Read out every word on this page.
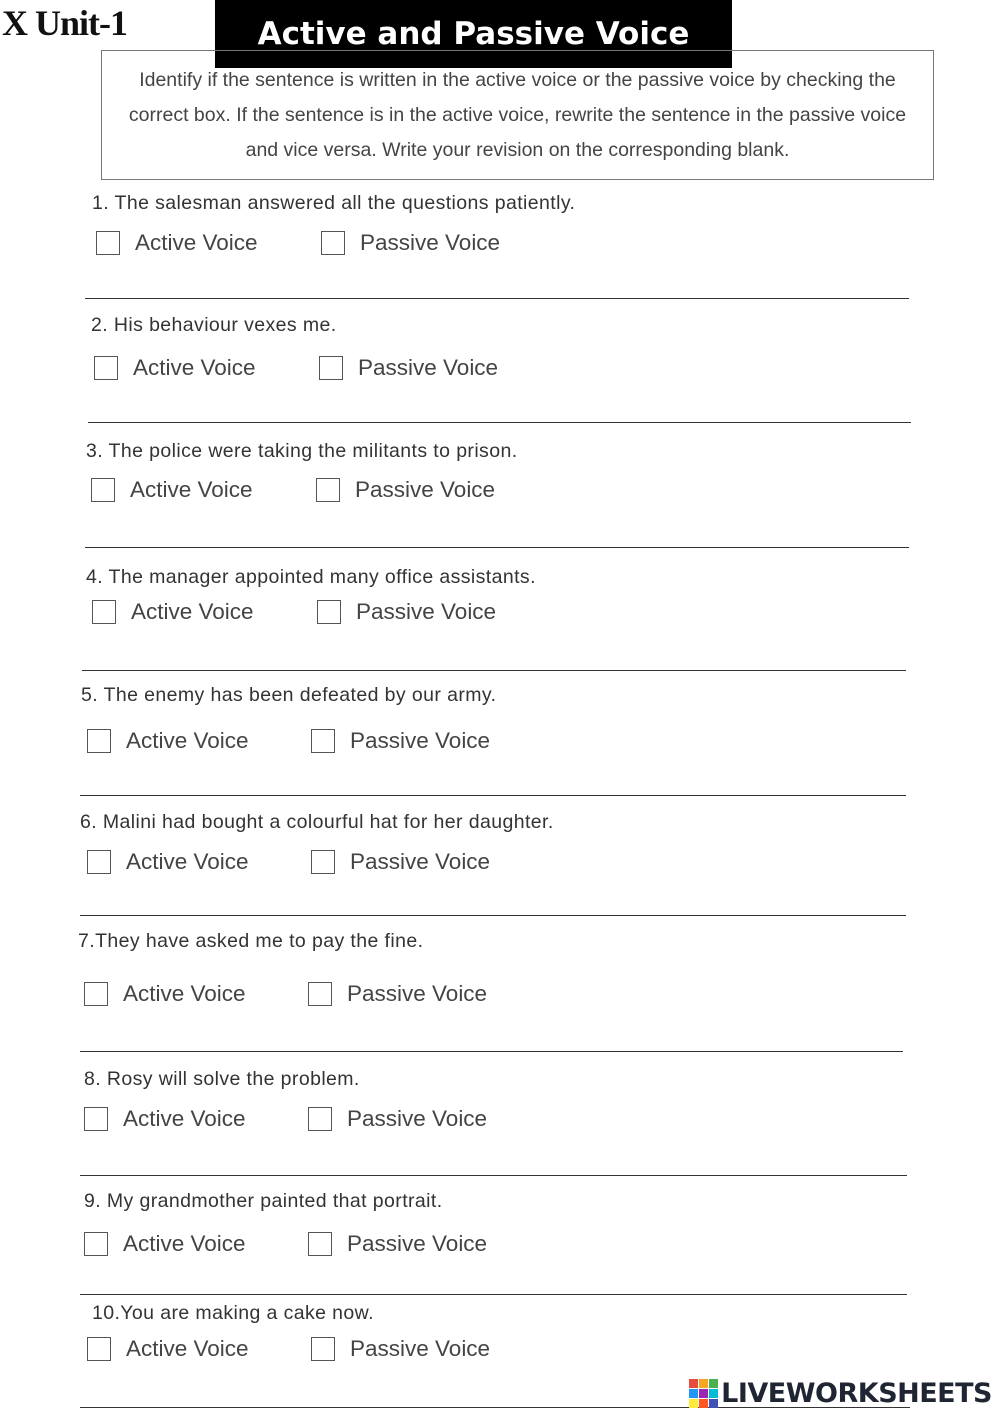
X Unit-1	Active and Passive Voice
Identify if the sentence is written in the active voice or the passive voice by checking the correct box. If the sentence is in the active voice, rewrite the sentence in the passive voice and vice versa. Write your revision on the corresponding blank.
1. The salesman answered all the questions patiently.
Active Voice	Passive Voice
2. His behaviour vexes me.
Active Voice	Passive Voice
3. The police were taking the militants to prison.
Active Voice	Passive Voice
4. The manager appointed many office assistants.
Active Voice	Passive Voice
5. The enemy has been defeated by our army.
Active Voice	Passive Voice
6. Malini had bought a colourful hat for her daughter.
Active Voice	Passive Voice
7.They have asked me to pay the fine.
Active Voice	Passive Voice
8. Rosy will solve the problem.
Active Voice	Passive Voice
9. My grandmother painted that portrait.
Active Voice	Passive Voice
10.You are making a cake now.
Active Voice	Passive Voice
LIVEWORKSHEETS
